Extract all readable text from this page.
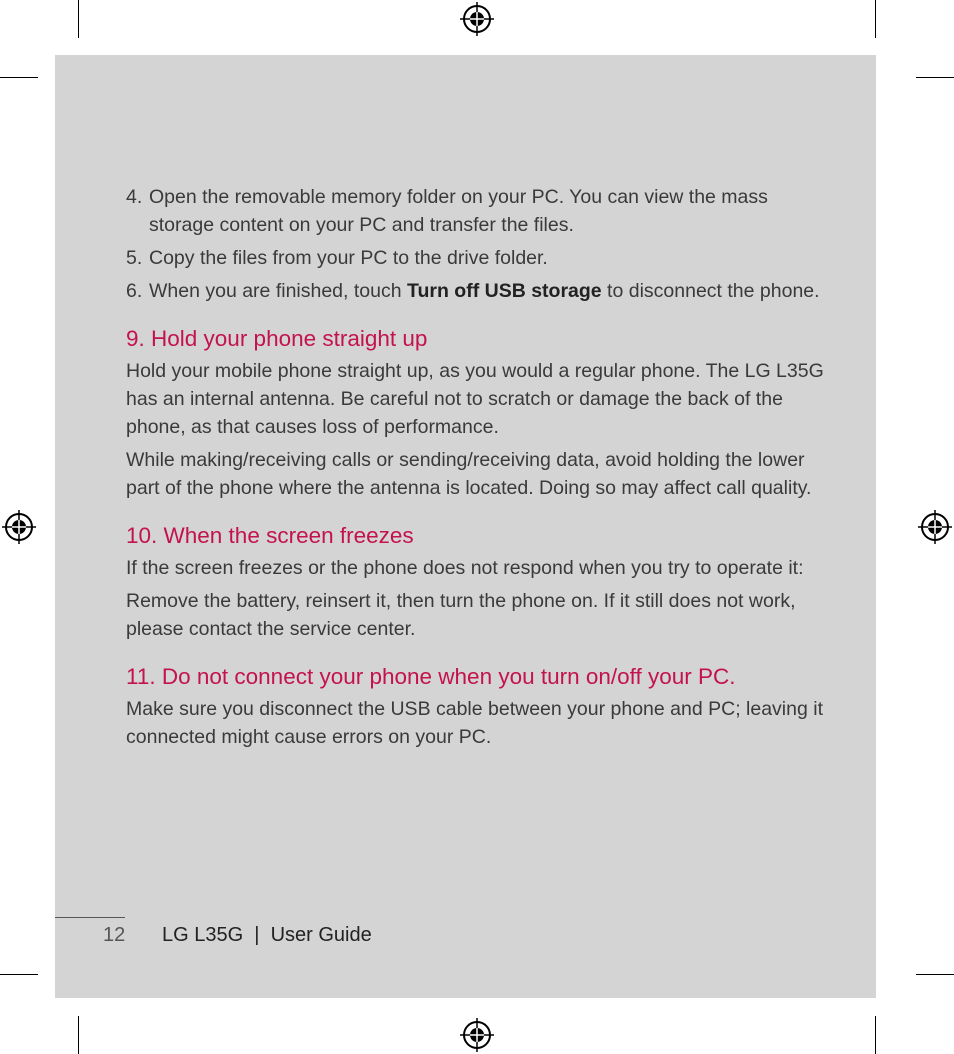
4. Open the removable memory folder on your PC. You can view the mass storage content on your PC and transfer the files.
5. Copy the files from your PC to the drive folder.
6. When you are finished, touch Turn off USB storage to disconnect the phone.
9. Hold your phone straight up
Hold your mobile phone straight up, as you would a regular phone. The LG L35G has an internal antenna. Be careful not to scratch or damage the back of the phone, as that causes loss of performance.
While making/receiving calls or sending/receiving data, avoid holding the lower part of the phone where the antenna is located. Doing so may affect call quality.
10. When the screen freezes
If the screen freezes or the phone does not respond when you try to operate it:
Remove the battery, reinsert it, then turn the phone on. If it still does not work, please contact the service center.
11. Do not connect your phone when you turn on/off your PC.
Make sure you disconnect the USB cable between your phone and PC; leaving it connected might cause errors on your PC.
12 LG L35G  |  User Guide
